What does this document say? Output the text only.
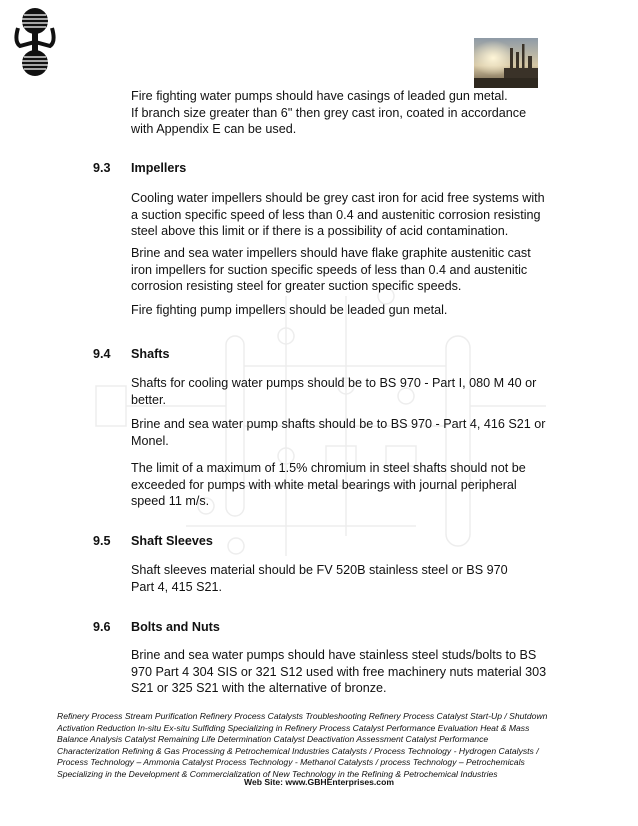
Fire fighting water pumps should have casings of leaded gun metal.
If branch size greater than 6" then grey cast iron, coated in accordance
with Appendix E can be used.
9.3 Impellers
Cooling water impellers should be grey cast iron for acid free systems with
a suction specific speed of less than 0.4 and austenitic corrosion resisting
steel above this limit or if there is a possibility of acid contamination.
Brine and sea water impellers should have flake graphite austenitic cast
iron impellers for suction specific speeds of less than 0.4 and austenitic
corrosion resisting steel for greater suction specific speeds.
Fire fighting pump impellers should be leaded gun metal.
9.4 Shafts
Shafts for cooling water pumps should be to BS 970 - Part I, 080 M 40 or
better.
Brine and sea water pump shafts should be to BS 970 - Part 4, 416 S21 or
Monel.
The limit of a maximum of 1.5% chromium in steel shafts should not be
exceeded for pumps with white metal bearings with journal peripheral
speed 11 m/s.
9.5 Shaft Sleeves
Shaft sleeves material should be FV 520B stainless steel or BS 970
Part 4, 415 S21.
9.6 Bolts and Nuts
Brine and sea water pumps should have stainless steel studs/bolts to BS
970 Part 4 304 SIS or 321 S12 used with free machinery nuts material 303
S21 or 325 S21 with the alternative of bronze.
Refinery Process Stream Purification Refinery Process Catalysts Troubleshooting Refinery Process Catalyst Start-Up / Shutdown
Activation Reduction In-situ Ex-situ Sulfiding Specializing in Refinery Process Catalyst Performance Evaluation Heat & Mass
Balance Analysis Catalyst Remaining Life Determination Catalyst Deactivation Assessment Catalyst Performance
Characterization Refining & Gas Processing & Petrochemical Industries Catalysts / Process Technology - Hydrogen Catalysts /
Process Technology – Ammonia Catalyst Process Technology - Methanol Catalysts / process Technology – Petrochemicals
Specializing in the Development & Commercialization of New Technology in the Refining & Petrochemical Industries
Web Site: www.GBHEnterprises.com
